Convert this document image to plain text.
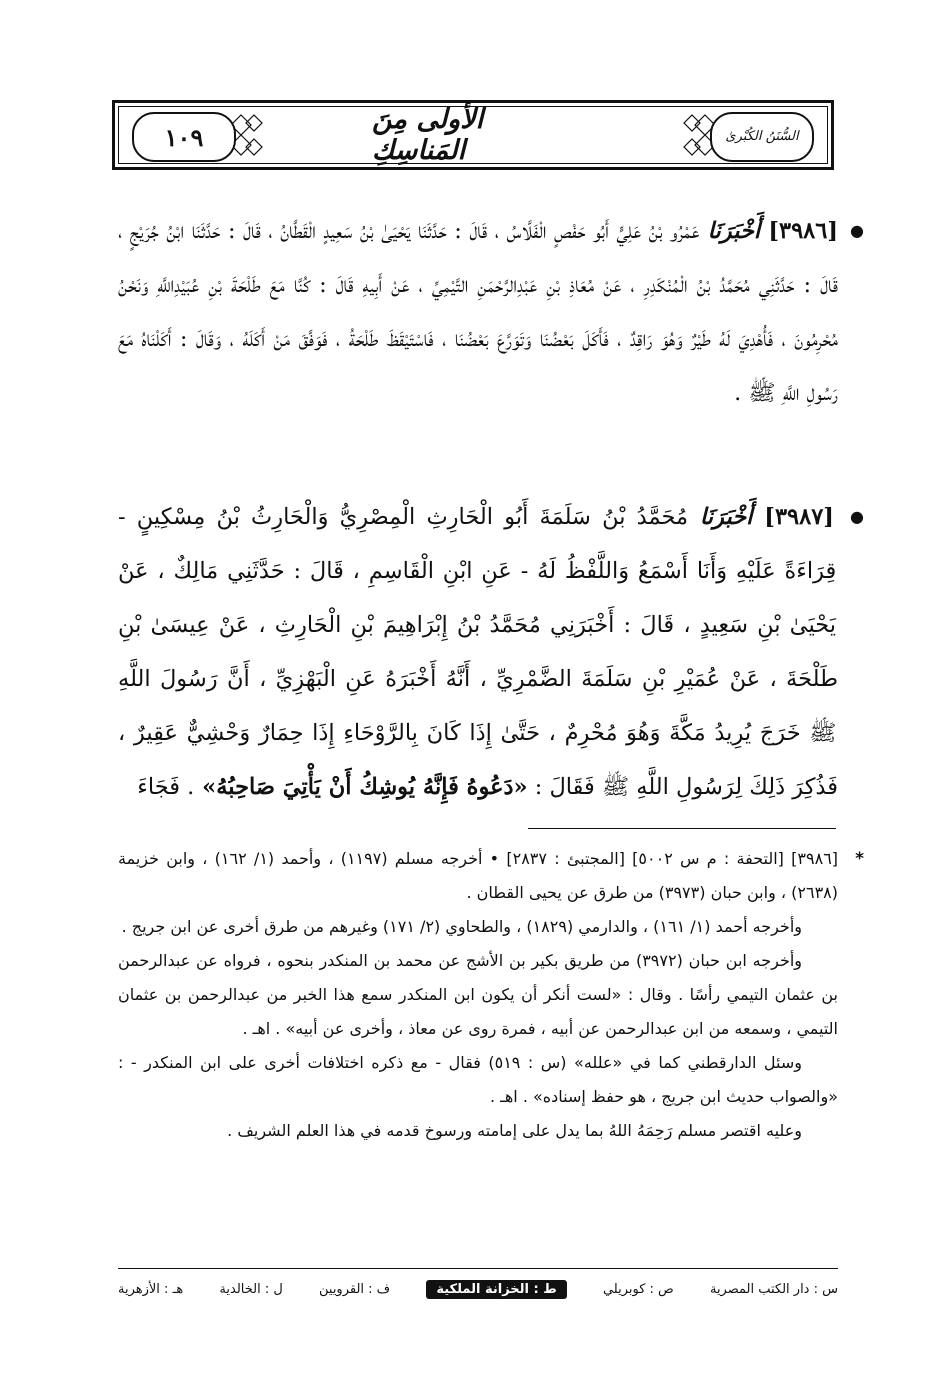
١٠٩
الأولى مِنَ المَناسِكِ	السُّنَنُ الكُبْرىٰ
●
[٣٩٨٦] أَخْبَرَنَا عَمْرُو بْنُ عَلِيٍّ أَبُو حَفْصٍ الْفَلَّاسُ ، قَالَ : حَدَّثَنَا يَحْيَىٰ بْنُ سَعِيدٍ الْقَطَّانُ ، قَالَ : حَدَّثَنَا ابْنُ جُرَيْجٍ ، قَالَ : حَدَّثَنِي مُحَمَّدُ بْنُ الْمُنْكَدِرِ ، عَنْ مُعَاذِ بْنِ عَبْدِالرَّحْمَنِ التَّيْمِيِّ ، عَنْ أَبِيهِ قَالَ : كُنَّا مَعَ طَلْحَةَ بْنِ عُبَيْدِاللَّهِ وَنَحْنُ مُحْرِمُونَ ، فَأُهْدِيَ لَهُ طَيْرٌ وَهُوَ رَاقِدٌ ، فَأَكَلَ بَعْضُنَا وَتَوَرَّعَ بَعْضُنَا ، فَاسْتَيْقَظَ طَلْحَةُ ، فَوَفَّقَ مَنْ أَكَلَهُ ، وَقَالَ : أَكَلْنَاهُ مَعَ رَسُولِ اللَّهِ ﷺ .
●
[٣٩٨٧] أَخْبَرَنَا مُحَمَّدُ بْنُ سَلَمَةَ أَبُو الْحَارِثِ الْمِصْرِيُّ وَالْحَارِثُ بْنُ مِسْكِينٍ - قِرَاءَةً عَلَيْهِ وَأَنَا أَسْمَعُ وَاللَّفْظُ لَهُ - عَنِ ابْنِ الْقَاسِمِ ، قَالَ : حَدَّثَنِي مَالِكٌ ، عَنْ يَحْيَىٰ بْنِ سَعِيدٍ ، قَالَ : أَخْبَرَنِي مُحَمَّدُ بْنُ إِبْرَاهِيمَ بْنِ الْحَارِثِ ، عَنْ عِيسَىٰ بْنِ طَلْحَةَ ، عَنْ عُمَيْرِ بْنِ سَلَمَةَ الضَّمْرِيِّ ، أَنَّهُ أَخْبَرَهُ عَنِ الْبَهْزِيِّ ، أَنَّ رَسُولَ اللَّهِ ﷺ خَرَجَ يُرِيدُ مَكَّةَ وَهُوَ مُحْرِمٌ ، حَتَّىٰ إِذَا كَانَ بِالرَّوْحَاءِ إِذَا حِمَارٌ وَحْشِيٌّ عَقِيرٌ ، فَذُكِرَ ذَلِكَ لِرَسُولِ اللَّهِ ﷺ فَقَالَ : «دَعُوهُ فَإِنَّهُ يُوشِكُ أَنْ يَأْتِيَ صَاحِبُهُ» . فَجَاءَ
*
[٣٩٨٦] [التحفة : م س ٥٠٠٢] [المجتبئ : ٢٨٣٧] • أخرجه مسلم (١١٩٧) ، وأحمد (١/ ١٦٢) ، وابن خزيمة (٢٦٣٨) ، وابن حبان (٣٩٧٣) من طرق عن يحيى القطان .
وأخرجه أحمد (١/ ١٦١) ، والدارمي (١٨٢٩) ، والطحاوي (٢/ ١٧١) وغيرهم من طرق أخرى عن ابن جريج .
وأخرجه ابن حبان (٣٩٧٢) من طريق بكير بن الأشج عن محمد بن المنكدر بنحوه ، فرواه عن عبدالرحمن بن عثمان التيمي رأسًا . وقال : «لست أنكر أن يكون ابن المنكدر سمع هذا الخبر من عبدالرحمن بن عثمان التيمي ، وسمعه من ابن عبدالرحمن عن أبيه ، فمرة روى عن معاذ ، وأخرى عن أبيه» . اهـ .
وسئل الدارقطني كما في «علله» (س : ٥١٩) فقال - مع ذكره اختلافات أخرى على ابن المنكدر - : «والصواب حديث ابن جريج ، هو حفظ إسناده» . اهـ .
وعليه اقتصر مسلم رَحِمَهُ اللهُ بما يدل على إمامته ورسوخ قدمه في هذا العلم الشريف .
س : دار الكتب المصرية
ص : كوبريلي
ط : الخزانة الملكية
ف : القرويين
ل : الخالدية
هـ : الأزهرية
